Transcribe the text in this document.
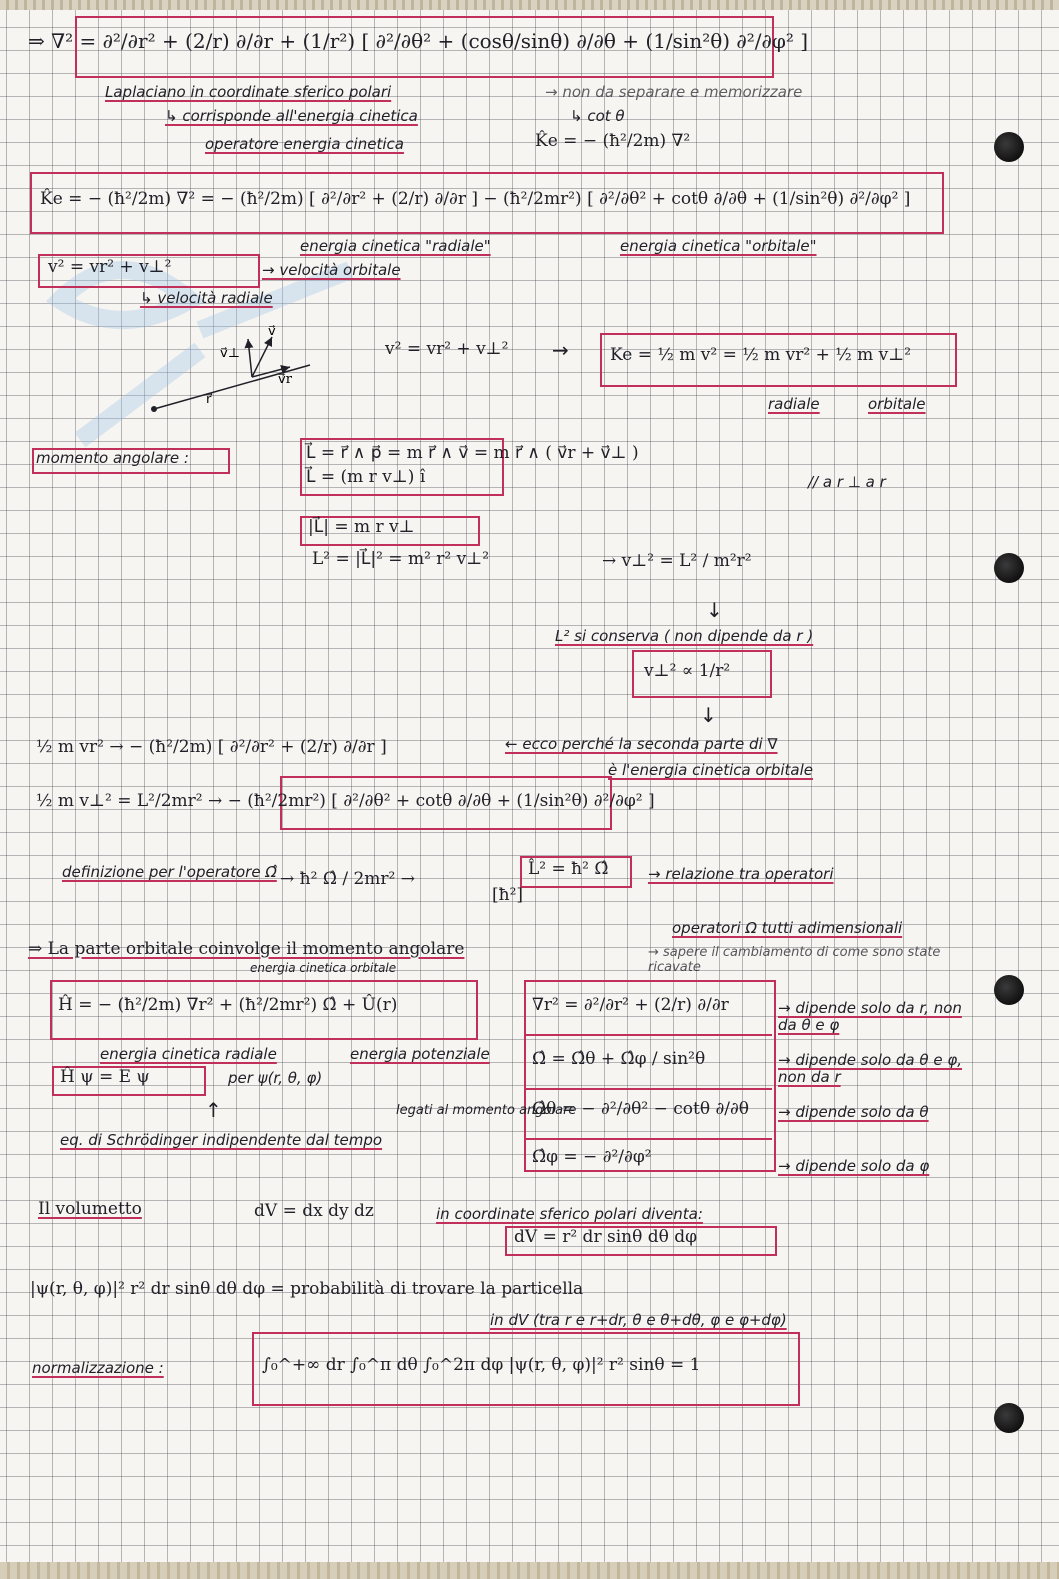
⇒ ∇² = ∂²/∂r² + (2/r) ∂/∂r + (1/r²) [ ∂²/∂θ² + (cosθ/sinθ) ∂/∂θ + (1/sin²θ) ∂²/∂φ² ]
Laplaciano in coordinate sferico polari	→ non da separare e memorizzare
↳ corrisponde all'energia cinetica	↳ cot θ
operatore energia cinetica	K̂e = − (ħ²/2m) ∇²
K̂e = − (ħ²/2m) ∇² = − (ħ²/2m) [ ∂²/∂r² + (2/r) ∂/∂r ] − (ħ²/2mr²) [ ∂²/∂θ² + cotθ ∂/∂θ + (1/sin²θ) ∂²/∂φ² ]
energia cinetica "radiale"	energia cinetica "orbitale"
v² = vr² + v⊥²	→ velocità orbitale
↳ velocità radiale
v⃗⊥
v⃗
v⃗r
r⃗
v² = vr² + v⊥² → Ke = ½ m v² = ½ m vr² + ½ m v⊥²
radiale	orbitale
momento angolare :	L⃗ = r⃗ ∧ p⃗ = m r⃗ ∧ v⃗ = m r⃗ ∧ ( v⃗r + v⃗⊥ )
L⃗ = (m r v⊥) î	// a r ⊥ a r
|L⃗| = m r v⊥
L² = |L⃗|² = m² r² v⊥²	→ v⊥² = L² / m²r²
↓
L² si conserva ( non dipende da r )
v⊥² ∝ 1/r²
↓
½ m vr² → − (ħ²/2m) [ ∂²/∂r² + (2/r) ∂/∂r ]	← ecco perché la seconda parte di ∇
è l'energia cinetica orbitale
½ m v⊥² = L²/2mr² → − (ħ²/2mr²) [ ∂²/∂θ² + cotθ ∂/∂θ + (1/sin²θ) ∂²/∂φ² ]
definizione per l'operatore Ω̂ → ħ² Ω̂ / 2mr² →	L̂² = ħ² Ω̂
[ħ²]
→ relazione tra operatori
operatori Ω tutti adimensionali
⇒ La parte orbitale coinvolge il momento angolare	→ sapere il cambiamento di come sono state ricavate
energia cinetica orbitale
Ĥ = − (ħ²/2m) ∇r² + (ħ²/2mr²) Ω̂ + Û(r)	∇r² = ∂²/∂r² + (2/r) ∂/∂r	→ dipende solo da r, non da θ e φ
Ω̂ = Ω̂θ + Ω̂φ / sin²θ	→ dipende solo da θ e φ, non da r
energia cinetica radiale	energia potenziale
Ĥ ψ = E ψ	per ψ(r, θ, φ)
legati al momento angolare
Ω̂θ = − ∂²/∂θ² − cotθ ∂/∂θ → dipende solo da θ
↑
eq. di Schrödinger indipendente dal tempo
Ω̂φ = − ∂²/∂φ²	→ dipende solo da φ
Il volumetto	dV = dx dy dz	in coordinate sferico polari diventa:
dV = r² dr sinθ dθ dφ
|ψ(r, θ, φ)|² r² dr sinθ dθ dφ = probabilità di trovare la particella
in dV (tra r e r+dr, θ e θ+dθ, φ e φ+dφ)
normalizzazione :	∫₀^+∞ dr ∫₀^π dθ ∫₀^2π dφ |ψ(r, θ, φ)|² r² sinθ = 1
